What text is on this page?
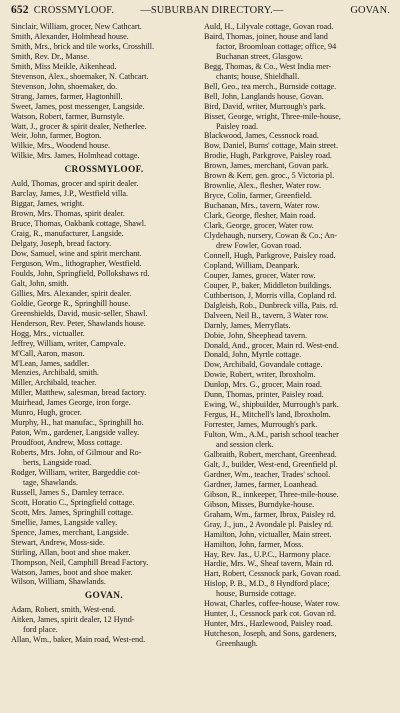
652 CROSSMYLOOF.	—SUBURBAN DIRECTORY.—	GOVAN.
Sinclair, William, grocer, New Cathcart.
Smith, Alexander, Holmhead house.
Smith, Mrs., brick and tile works, Crosshill.
Smith, Rev. Dr., Manse.
Smith, Miss Meikle, Aikenhead.
Stevenson, Alex., shoemaker, N. Cathcart.
Stevenson, John, shoemaker, do.
Strang, James, farmer, Hagtonhill.
Sweet, James, post messenger, Langside.
Watson, Robert, farmer, Burnstyle.
Watt, J., grocer & spirit dealer, Netherlee.
Weir, John, farmer, Bogton.
Wilkie, Mrs., Woodend house.
Wilkie, Mrs. James, Holmhead cottage.
CROSSMYLOOF.
Auld, Thomas, grocer and spirit dealer.
Barclay, James, J.P., Westfield villa.
Biggar, James, wright.
Brown, Mrs. Thomas, spirit dealer.
Bruce, Thomas, Oakbank cottage, Shawl.
Craig, R., manufacturer, Langside.
Delgaty, Joseph, bread factory.
Dow, Samuel, wine and spirit merchant.
Ferguson, Wm., lithographer, Westfield.
Foulds, John, Springfield, Pollokshaws rd.
Galt, John, smith.
Gillies, Mrs. Alexander, spirit dealer.
Goldie, George R., Springhill house.
Greenshields, David, music-seller, Shawl.
Henderson, Rev. Peter, Shawlands house.
Hogg, Mrs., victualler.
Jeffrey, William, writer, Campvale.
M'Call, Aaron, mason.
M'Lean, James, saddler.
Menzies, Archibald, smith.
Miller, Archibald, teacher.
Miller, Matthew, salesman, bread factory.
Muirhead, James George, iron forge.
Munro, Hugh, grocer.
Murphy, H., hat manufac., Springhill ho.
Paton, Wm., gardener, Langside valley.
Proudfoot, Andrew, Moss cottage.
Roberts, Mrs. John, of Gilmour and Ro-
berts, Langside road.
Rodger, William, writer, Bargeddie cot-
tage, Shawlands.
Russell, James S., Darnley terrace.
Scott, Horatio C., Springfield cottage.
Scott, Mrs. James, Springhill cottage.
Smellie, James, Langside valley.
Spence, James, merchant, Langside.
Stewart, Andrew, Moss-side.
Stirling, Allan, boot and shoe maker.
Thompson, Neil, Camphill Bread Factory.
Watson, James, boot and shoe maker.
Wilson, William, Shawlands.
GOVAN.
Adam, Robert, smith, West-end.
Aitken, James, spirit dealer, 12 Hynd-
ford place.
Allan, Wm., baker, Main road, West-end.
Auld, H., Lilyvale cottage, Govan road.
Baird, Thomas, joiner, house and land
factor, Broomloan cottage; office, 94
Buchanan street, Glasgow.
Begg, Thomas, & Co., West India mer-
chants; house, Shieldhall.
Bell, Geo., tea merch., Burnside cottage.
Bell, John, Langlands house, Govan.
Bird, David, writer, Murrough's park.
Bisset, George, wright, Three-mile-house,
Paisley road.
Blackwood, James, Cessnock road.
Bow, Daniel, Burns' cottage, Main street.
Brodie, Hugh, Parkgrove, Paisley road.
Brown, James, merchant, Govan park.
Brown & Kerr, gen. groc., 5 Victoria pl.
Brownlie, Alex., flesher, Water row.
Bryce, Colin, farmer, Greenfield.
Buchanan, Mrs., tavern, Water row.
Clark, George, flesher, Main road.
Clark, George, grocer, Water row.
Clydehaugh, nursery, Cowan & Co.; An-
drew Fowler, Govan road.
Connell, Hugh, Parkgrove, Paisley road.
Copland, William, Deanpark.
Couper, James, grocer, Water row.
Couper, P., baker, Middleton buildings.
Cuthbertson, J, Morris villa, Copland rd.
Dalgleish, Rob., Dunbreck villa, Pais. rd.
Dalveen, Neil B., tavern, 3 Water row.
Darnly, James, Merryflats.
Dobie, John, Sheephead tavern.
Donald, And., grocer, Main rd. West-end.
Donald, John, Myrtle cottage.
Dow, Archibald, Govandale cottage.
Dowie, Robert, writer, Ibroxholm.
Dunlop, Mrs. G., grocer, Main road.
Dunn, Thomas, printer, Paisley road.
Ewing, W., shipbuilder, Murrough's park.
Fergus, H., Mitchell's land, Ibroxholm.
Forrester, James, Murrough's park.
Fulton, Wm., A.M., parish school teacher
and session clerk.
Galbraith, Robert, merchant, Greenhead.
Galt, J., builder, West-end, Greenfield pl.
Gardner, Wm., teacher, Trades' school.
Gardner, James, farmer, Loanhead.
Gibson, R., innkeeper, Three-mile-house.
Gibson, Misses, Burndyke-house.
Graham, Wm., farmer, Ibrox, Paisley rd.
Gray, J., jun., 2 Avondale pl. Paisley rd.
Hamilton, John, victualler, Main street.
Hamilton, John, farmer, Moss.
Hay, Rev. Jas., U.P.C., Harmony place.
Hardie, Mrs. W., Sheaf tavern, Main rd.
Hart, Robert, Cessnock park, Govan road.
Hislop, P. B., M.D., 8 Hyndford place;
house, Burnside cottage.
Howat, Charles, coffee-house, Water row.
Hunter, J., Cessnock park cot. Govan rd.
Hunter, Mrs., Hazlewood, Paisley road.
Hutcheson, Joseph, and Sons, gardeners,
Greenhaugh.
